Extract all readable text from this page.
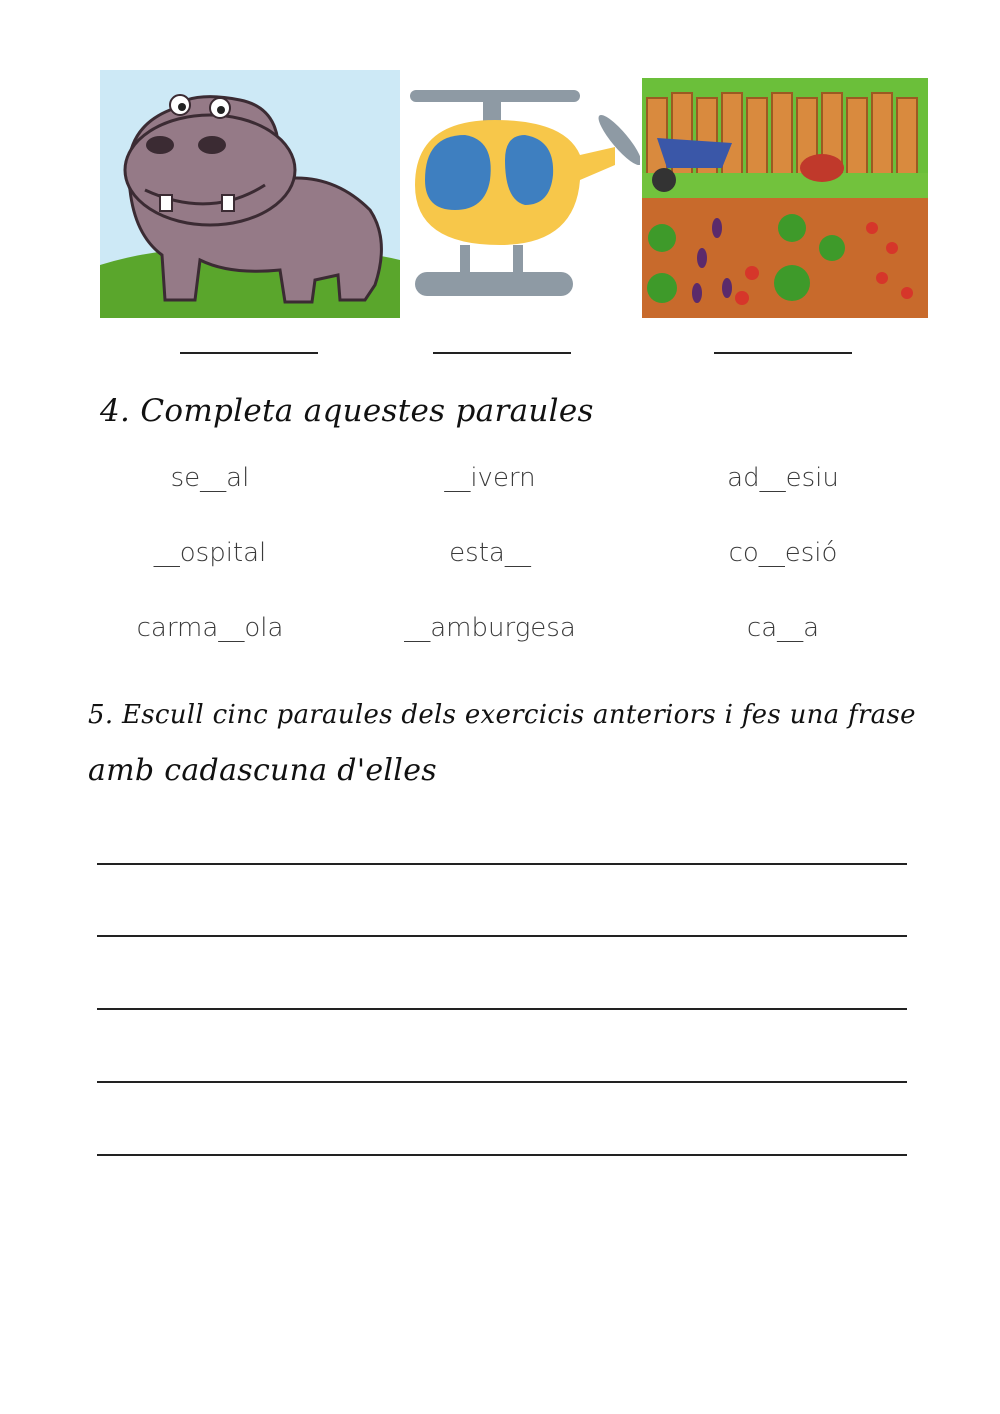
4. Completa aquestes paraules
se__al	__ivern	ad__esiu
__ospital	esta__	co__esió
carma__ola	__amburgesa	ca__a
5. Escull cinc paraules dels exercicis anteriors i fes una frase
amb cadascuna d'elles
